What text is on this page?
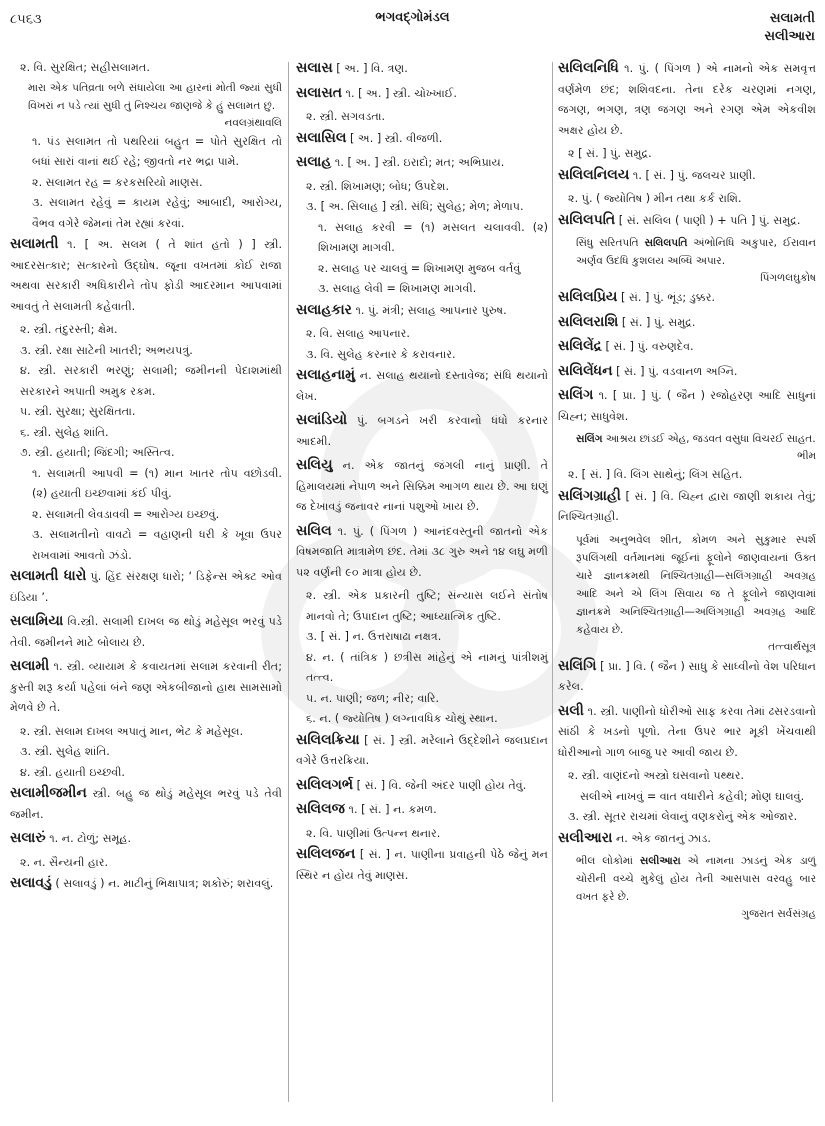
૮૫૬૩	ભગવદ્ગોમંડલ	સલામતી
સલીઆરા
૨. વિ. સુરક્ષિત; સહીસલામત.
મારા એક પતિવ્રતા બળે સંધાયેલા આ હારનાં મોતી જ્યાં સુધી વિખરાં ન પડે ત્યાં સુધી તું નિશ્ચય જાણજે કે હું સલામત છું.
નવલગ્રંથાવલિ
૧. પંડ સલામત તો પથરિયાં બહુત = પોતે સુરક્ષિત તો બધાં સારાં વાનાં થઈ રહે; જીવતો નર ભદ્રા પામે.
૨. સલામત રહ = કરકસરિયો માણસ.
૩. સલામત રહેવું = કાયમ રહેવું; આબાદી, આરોગ્ય, વૈભવ વગેરે જેમનાં તેમ રહ્યાં કરવાં.
સલામતી ૧. [ અ. સલમ ( તે શાંત હતો ) ] સ્ત્રી. આદરસત્કાર; સત્કારનો ઉદ્ઘોષ. જૂના વખતમાં કોઈ રાજા અથવા સરકારી અધિકારીને તોપ ફોડી આદરમાન આપવામાં આવતું તે સલામતી કહેવાતી.
૨. સ્ત્રી. તંદુરસ્તી; ક્ષેમ.
૩. સ્ત્રી. રક્ષા સાટેની ખાતરી; અભયપત્રું.
૪. સ્ત્રી. સરકારી ભરણું; સલામી; જમીનની પેદાશમાંથી સરકારને અપાતી અમુક રકમ.
૫. સ્ત્રી. સુરક્ષા; સુરક્ષિતતા.
૬. સ્ત્રી. સુલેહ શાંતિ.
૭. સ્ત્રી. હયાતી; જિંદગી; અસ્તિત્વ.
૧. સલામતી આપવી = (૧) માન ખાતર તોપ વછોડવી. (૨) હયાતી ઇચ્છવામાં કંઈ પીવું.
૨. સલામતી લેવડાવવી = આરોગ્ય ઇચ્છવું.
૩. સલામતીનો વાવટો = વહાણની ધરી કે ખૂવા ઉપર રાખવામાં આવતો ઝંડો.
સલામતી ધારો પું. હિંદ સંરક્ષણ ધારો; ‘ ડિફેન્સ એક્ટ ઓવ ઇંડિયા ’.
સલામિયા વિ.સ્ત્રી. સલામી દાખલ જ થોડું મહેસૂલ ભરવું પડે તેવી. જમીનને માટે બોલાય છે.
સલામી ૧. સ્ત્રી. વ્યાયામ કે કવાયતમાં સલામ કરવાની રીત; કુસ્તી શરૂ કર્યા પહેલાં બંને જણ એકબીજાનો હાથ સામસામો મેળવે છે તે.
૨. સ્ત્રી. સલામ દાખલ અપાતું માન, ભેટ કે મહેસૂલ.
૩. સ્ત્રી. સુલેહ શાંતિ.
૪. સ્ત્રી. હયાતી ઇચ્છવી.
સલામીજમીન સ્ત્રી. બહુ જ થોડું મહેસૂલ ભરવું પડે તેવી જમીન.
સલારું ૧. ન. ટોળું; સમૂહ.
૨. ન. સૈન્યની હાર.
સલાવડું ( સલાવડું ) ન. માટીનું ભિક્ષાપાત્ર; શકોરું; શરાવલું.
સલાસ [ અ. ] વિ. ત્રણ.
સલાસત ૧. [ અ. ] સ્ત્રી. ચોખ્ખાઈ.
૨. સ્ત્રી. સગવડતા.
સલાસિલ [ અ. ] સ્ત્રી. વીજળી.
સલાહ ૧. [ અ. ] સ્ત્રી. ઇરાદો; મત; અભિપ્રાય.
૨. સ્ત્રી. શિખામણ; બોધ; ઉપદેશ.
૩. [ અ. સિલાહ ] સ્ત્રી. સંધિ; સુલેહ; મેળ; મેળાપ.
૧. સલાહ કરવી = (૧) મસલત ચલાવવી. (૨) શિખામણ માગવી.
૨. સલાહ પર ચાલવું = શિખામણ મુજબ વર્તવું
૩. સલાહ લેવી = શિખામણ માગવી.
સલાહકાર ૧. પું. મંત્રી; સલાહ આપનાર પુરુષ.
૨. વિ. સલાહ આપનાર.
૩. વિ. સુલેહ કરનાર કે કરાવનાર.
સલાહનામું ન. સલાહ થયાનો દસ્તાવેજ; સંધિ થયાનો લેખ.
સલાંડિયો પું. બગડને ખરી કરવાનો ધંધો કરનાર આદમી.
સલિયુ ન. એક જાતનું જંગલી નાનું પ્રાણી. તે હિમાલયમાં નેપાળ અને સિક્કિમ આગળ થાય છે. આ ઘણું જ દેખાવડું જનાવર નાનાં પશુઓ ખાય છે.
સલિલ ૧. પું. ( પિંગળ ) આનંદવસ્તુની જાતનો એક વિષમજાતિ માત્રામેળ છંદ. તેમાં ૩૮ ગુરુ અને ૧૪ લઘુ મળી ૫૨ વર્ણની ૯૦ માત્રા હોય છે.
૨. સ્ત્રી. એક પ્રકારની તુષ્ટિ; સંન્યાસ લઈને સંતોષ માનવો તે; ઉપાદાન તુષ્ટિ; આધ્યાત્મિક તુષ્ટિ.
૩. [ સં. ] ન. ઉત્તરાષાઢા નક્ષત્ર.
૪. ન. ( તાંત્રિક ) છત્રીસ માંહેનું એ નામનું પાંત્રીશમું તત્ત્વ.
૫. ન. પાણી; જળ; નીર; વારિ.
૬. ન. ( જ્યોતિષ ) લગ્નાવધિક ચોથું સ્થાન.
સલિલક્રિયા [ સં. ] સ્ત્રી. મરેલાને ઉદ્દેશીને જલપ્રદાન વગેરે ઉત્તરક્રિયા.
સલિલગર્ભ [ સં. ] વિ. જેની અંદર પાણી હોય તેવું.
સલિલજ ૧. [ સં. ] ન. કમળ.
૨. વિ. પાણીમાં ઉત્પન્ન થનાર.
સલિલજન [ સં. ] ન. પાણીના પ્રવાહની પેઠે જેનું મન સ્થિર ન હોય તેવું માણસ.
સલિલનિધિ ૧. પું. ( પિંગળ ) એ નામનો એક સમવૃત્ત વર્ણમેળ છંદ; શશિવદના. તેના દરેક ચરણમાં નગણ, જગણ, ભગણ, ત્રણ જગણ અને રગણ એમ એકવીશ અક્ષર હોય છે.
૨ [ સં. ] પું. સમુદ્ર.
સલિલનિલય ૧. [ સં. ] પું. જલચર પ્રાણી.
૨. પું. ( જ્યોતિષ ) મીન તથા કર્ક રાશિ.
સલિલપતિ [ સં. સલિલ ( પાણી ) + પતિ ] પું. સમુદ્ર.
સિંધુ સરિતપતિ સલિલપતિ અંભોનિધિ અકુપાર, ઈરાવાન અર્ણવ ઉદધિ કુશલય અબ્ધિ અપાર.
પિંગળલઘુકોષ
સલિલપ્રિય [ સં. ] પું. ભૂંડ; ડુક્કર.
સલિલરાશિ [ સં. ] પું. સમુદ્ર.
સલિલેંદ્ર [ સં. ] પું. વરુણદેવ.
સલિલેંધન [ સં. ] પું. વડવાનળ અગ્નિ.
સલિંગ ૧. [ પ્રા. ] પું. ( જૈન ) રજોહરણ આદિ સાધુનાં ચિહ્ન; સાધુવેશ.
સલિંગ આશ્રય છાંડઈ એહ, જડવત વસુધા વિચરઈ સાહત.
ભીમ
૨. [ સં. ] વિ. લિંગ સાથેનું; લિંગ સહિત.
સલિંગગ્રાહી [ સં. ] વિ. ચિહ્ન દ્વારા જાણી શકાય તેવું; નિશ્ચિતગ્રાહી.
પૂર્વમાં અનુભવેલ શીત, કોમળ અને સુકુમાર સ્પર્શ રૂપલિંગથી વર્તમાનમાં જૂઈનાં ફૂલોને જાણવાયનાં ઉક્ત ચારે જ્ઞાનક્રમથી નિશ્ચિતગ્રાહી—સલિંગગ્રાહી અવગ્રહ આદિ અને એ લિંગ સિવાય જ તે ફૂલોને જાણવામાં જ્ઞાનક્રમે અનિશ્ચિતગ્રાહી—અલિંગગ્રાહી અવગ્રહ આદિ કહેવાય છે.
તત્ત્વાર્થસૂત્ર
સલિંગિ [ પ્રા. ] વિ. ( જૈન ) સાધુ કે સાધ્વીનો વેશ પરિધાન કરેલ.
સલી ૧. સ્ત્રી. પાણીનો ધોરીઓ સાફ કરવા તેમાં ઢસરડવાનો સાંઠી કે ખડનો પૂળો. તેના ઉપર ભાર મૂકી ખેંચવાથી ધોરીઆનો ગાળ બાજુ પર આવી જાય છે.
૨. સ્ત્રી. વાણંદનો અસ્ત્રો ઘસવાનો પથ્થર.
સલીએ નાખવું = વાત વધારીને કહેવી; મોણ ઘાલવું.
૩. સ્ત્રી. સૂતર રાચમાં લેવાનું વણકરોનું એક ઓજાર.
સલીઆરા ન. એક જાતનું ઝાડ.
ભીલ લોકોમાં સલીઆરા એ નામના ઝાડનું એક ડાળું ચોરીની વચ્ચે મુકેલું હોય તેની આસપાસ વરવહુ બાર વખત ફરે છે.
ગુજરાત સર્વસંગ્રહ
